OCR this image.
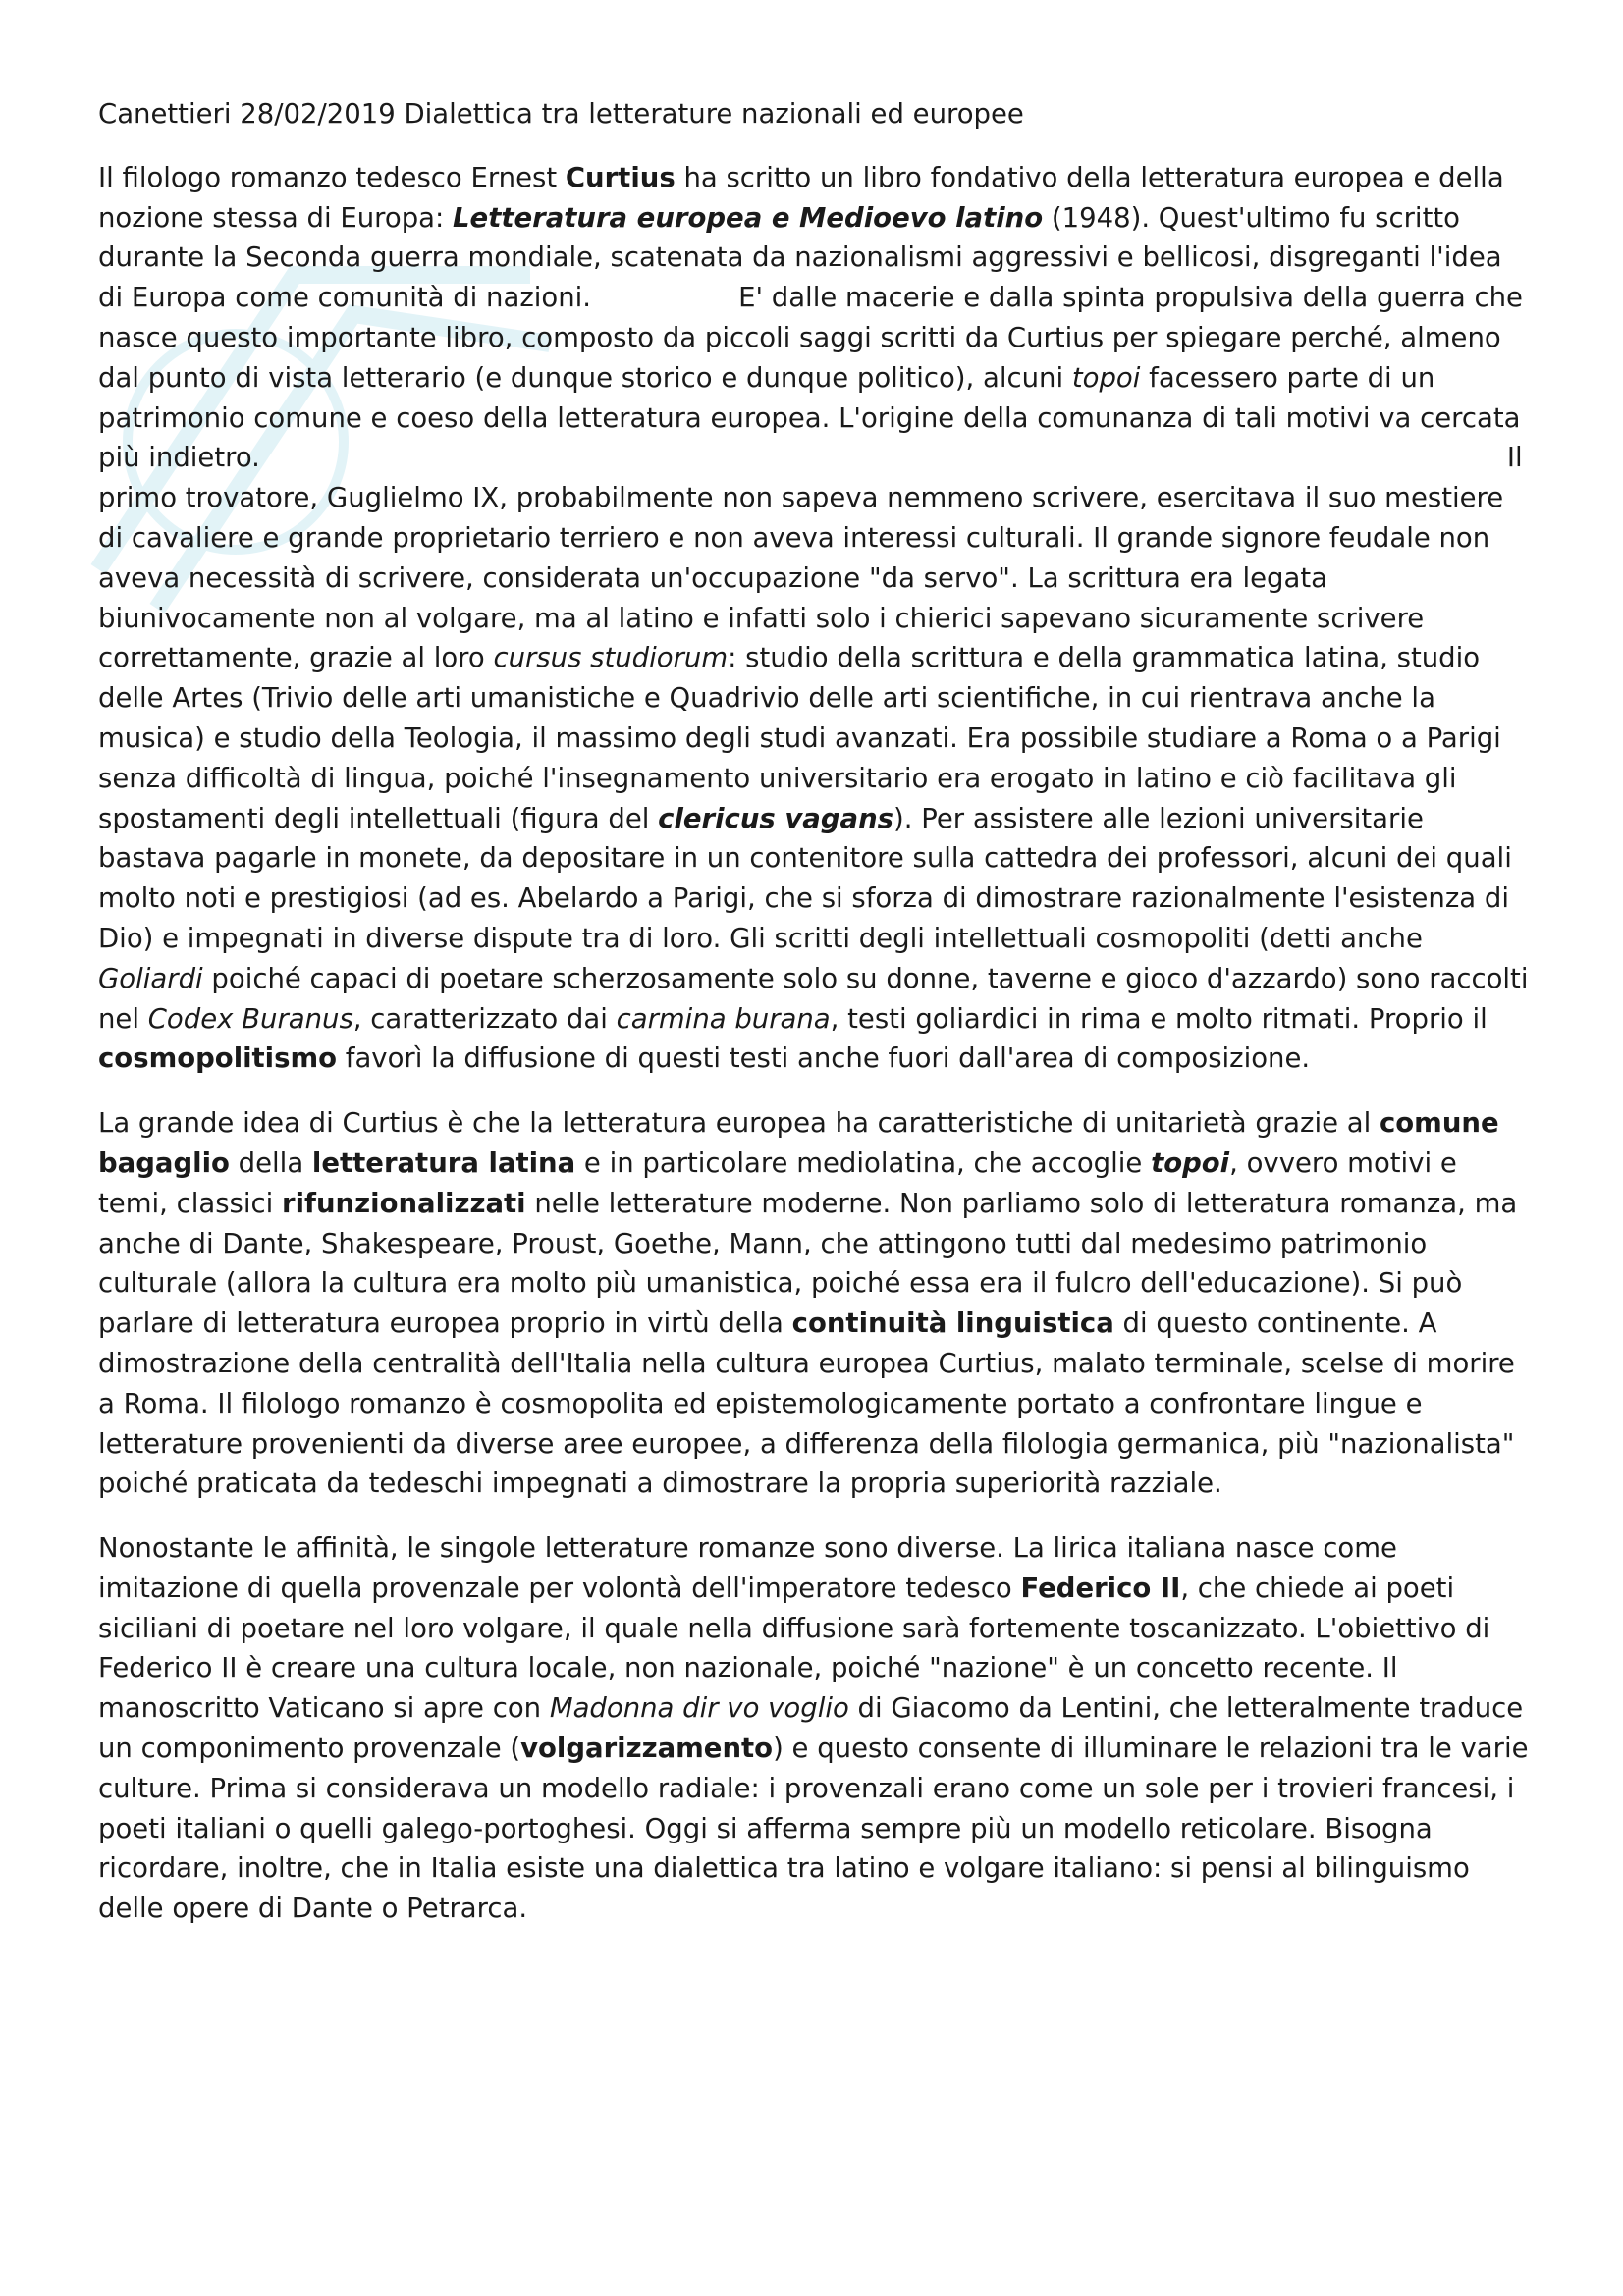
Canettieri 28/02/2019 Dialettica tra letterature nazionali ed europee
Il filologo romanzo tedesco Ernest Curtius ha scritto un libro fondativo della letteratura europea e della nozione stessa di Europa: Letteratura europea e Medioevo latino (1948). Quest'ultimo fu scritto durante la Seconda guerra mondiale, scatenata da nazionalismi aggressivi e bellicosi, disgreganti l'idea di Europa come comunità di nazioni.	E' dalle macerie e dalla spinta propulsiva della guerra che nasce questo importante libro, composto da piccoli saggi scritti da Curtius per spiegare perché, almeno dal punto di vista letterario (e dunque storico e dunque politico), alcuni topoi facessero parte di un patrimonio comune e coeso della letteratura europea. L'origine della comunanza di tali motivi va cercata più indietro.	Il primo trovatore, Guglielmo IX, probabilmente non sapeva nemmeno scrivere, esercitava il suo mestiere di cavaliere e grande proprietario terriero e non aveva interessi culturali. Il grande signore feudale non aveva necessità di scrivere, considerata un'occupazione "da servo". La scrittura era legata biunivocamente non al volgare, ma al latino e infatti solo i chierici sapevano sicuramente scrivere correttamente, grazie al loro cursus studiorum: studio della scrittura e della grammatica latina, studio delle Artes (Trivio delle arti umanistiche e Quadrivio delle arti scientifiche, in cui rientrava anche la musica) e studio della Teologia, il massimo degli studi avanzati. Era possibile studiare a Roma o a Parigi senza difficoltà di lingua, poiché l'insegnamento universitario era erogato in latino e ciò facilitava gli spostamenti degli intellettuali (figura del clericus vagans). Per assistere alle lezioni universitarie bastava pagarle in monete, da depositare in un contenitore sulla cattedra dei professori, alcuni dei quali molto noti e prestigiosi (ad es. Abelardo a Parigi, che si sforza di dimostrare razionalmente l'esistenza di Dio) e impegnati in diverse dispute tra di loro. Gli scritti degli intellettuali cosmopoliti (detti anche Goliardi poiché capaci di poetare scherzosamente solo su donne, taverne e gioco d'azzardo) sono raccolti nel Codex Buranus, caratterizzato dai carmina burana, testi goliardici in rima e molto ritmati. Proprio il cosmopolitismo favorì la diffusione di questi testi anche fuori dall'area di composizione.
La grande idea di Curtius è che la letteratura europea ha caratteristiche di unitarietà grazie al comune bagaglio della letteratura latina e in particolare mediolatina, che accoglie topoi, ovvero motivi e temi, classici rifunzionalizzati nelle letterature moderne. Non parliamo solo di letteratura romanza, ma anche di Dante, Shakespeare, Proust, Goethe, Mann, che attingono tutti dal medesimo patrimonio culturale (allora la cultura era molto più umanistica, poiché essa era il fulcro dell'educazione). Si può parlare di letteratura europea proprio in virtù della continuità linguistica di questo continente. A dimostrazione della centralità dell'Italia nella cultura europea Curtius, malato terminale, scelse di morire a Roma. Il filologo romanzo è cosmopolita ed epistemologicamente portato a confrontare lingue e letterature provenienti da diverse aree europee, a differenza della filologia germanica, più "nazionalista" poiché praticata da tedeschi impegnati a dimostrare la propria superiorità razziale.
Nonostante le affinità, le singole letterature romanze sono diverse. La lirica italiana nasce come imitazione di quella provenzale per volontà dell'imperatore tedesco Federico II, che chiede ai poeti siciliani di poetare nel loro volgare, il quale nella diffusione sarà fortemente toscanizzato. L'obiettivo di Federico II è creare una cultura locale, non nazionale, poiché "nazione" è un concetto recente. Il manoscritto Vaticano si apre con Madonna dir vo voglio di Giacomo da Lentini, che letteralmente traduce un componimento provenzale (volgarizzamento) e questo consente di illuminare le relazioni tra le varie culture. Prima si considerava un modello radiale: i provenzali erano come un sole per i trovieri francesi, i poeti italiani o quelli galego-portoghesi. Oggi si afferma sempre più un modello reticolare. Bisogna ricordare, inoltre, che in Italia esiste una dialettica tra latino e volgare italiano: si pensi al bilinguismo delle opere di Dante o Petrarca.
